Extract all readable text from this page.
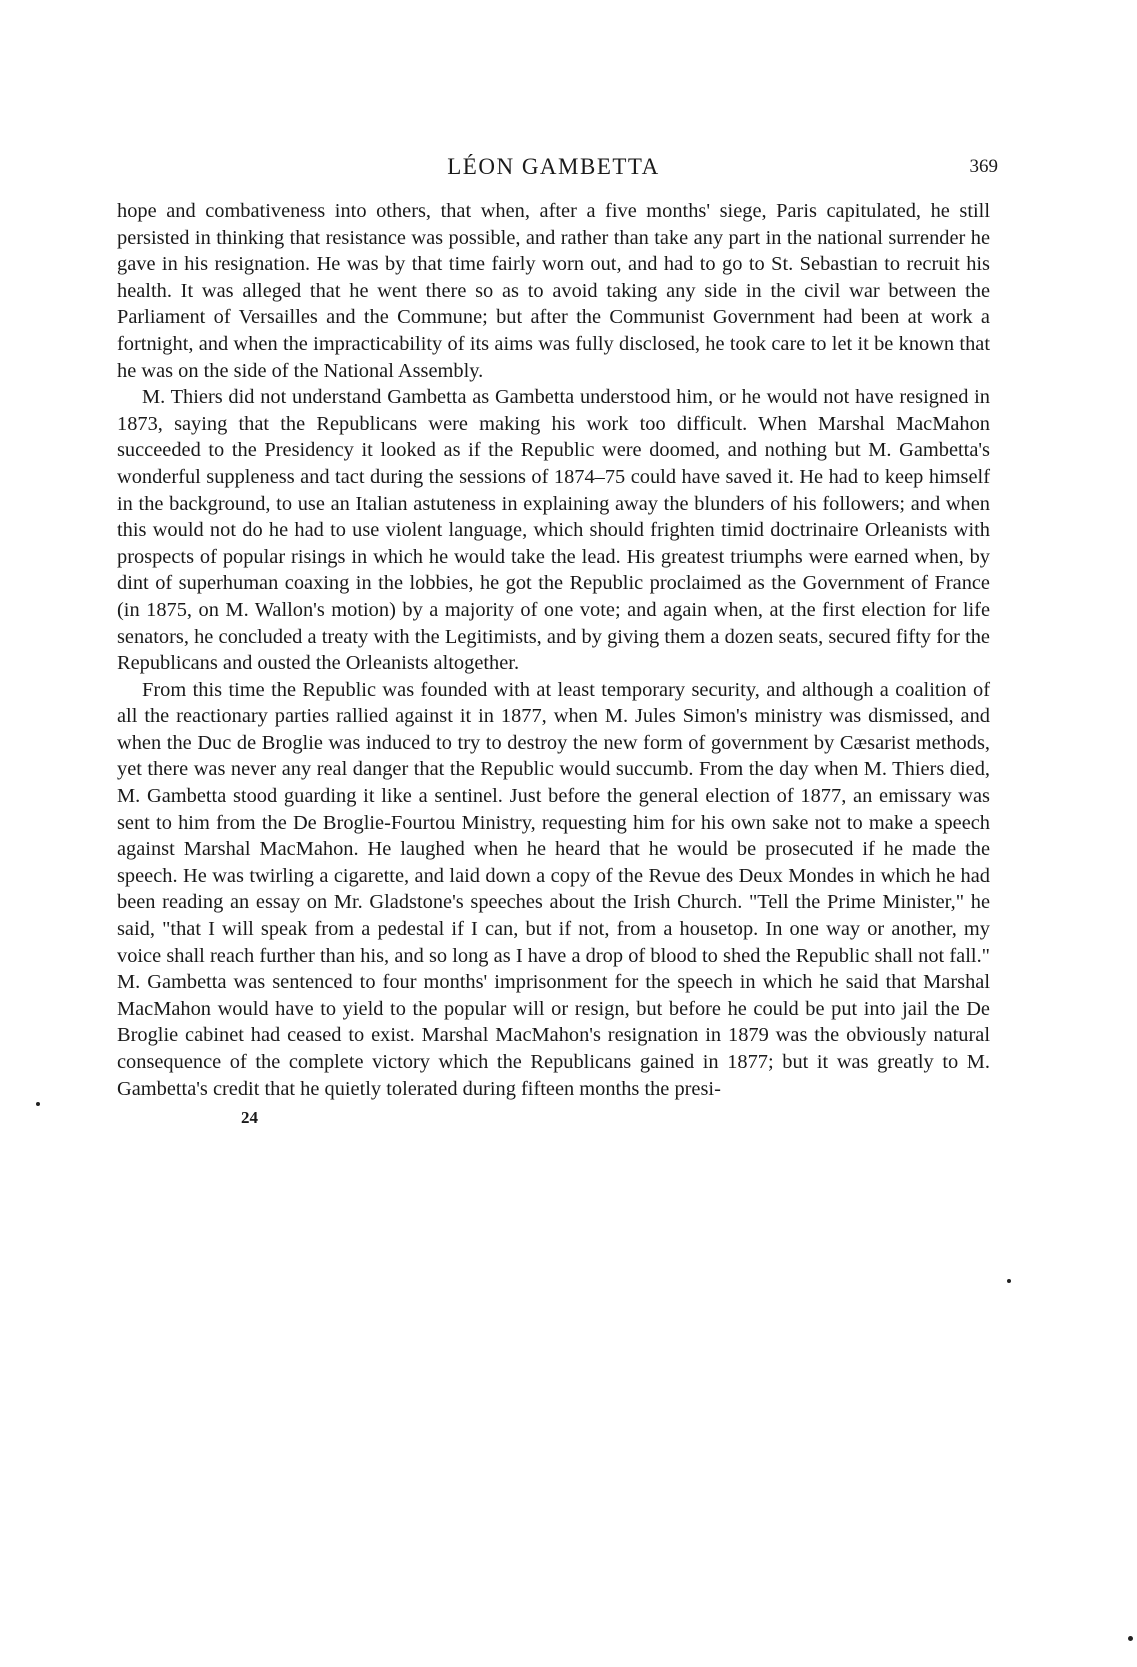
LÉON GAMBETTA	369

hope and combativeness into others, that when, after a five months' siege, Paris capitulated, he still persisted in thinking that resistance was possible, and rather than take any part in the national surrender he gave in his resignation. He was by that time fairly worn out, and had to go to St. Sebastian to recruit his health. It was alleged that he went there so as to avoid taking any side in the civil war between the Parliament of Versailles and the Commune; but after the Communist Government had been at work a fortnight, and when the impracticability of its aims was fully disclosed, he took care to let it be known that he was on the side of the National Assembly.

M. Thiers did not understand Gambetta as Gambetta understood him, or he would not have resigned in 1873, saying that the Republicans were making his work too difficult. When Marshal MacMahon succeeded to the Presidency it looked as if the Republic were doomed, and nothing but M. Gambetta's wonderful suppleness and tact during the sessions of 1874–75 could have saved it. He had to keep himself in the background, to use an Italian astuteness in explaining away the blunders of his followers; and when this would not do he had to use violent language, which should frighten timid doctrinaire Orleanists with prospects of popular risings in which he would take the lead. His greatest triumphs were earned when, by dint of superhuman coaxing in the lobbies, he got the Republic proclaimed as the Government of France (in 1875, on M. Wallon's motion) by a majority of one vote; and again when, at the first election for life senators, he concluded a treaty with the Legitimists, and by giving them a dozen seats, secured fifty for the Republicans and ousted the Orleanists altogether.

From this time the Republic was founded with at least temporary security, and although a coalition of all the reactionary parties rallied against it in 1877, when M. Jules Simon's ministry was dismissed, and when the Duc de Broglie was induced to try to destroy the new form of government by Cæsarist methods, yet there was never any real danger that the Republic would succumb. From the day when M. Thiers died, M. Gambetta stood guarding it like a sentinel. Just before the general election of 1877, an emissary was sent to him from the De Broglie-Fourtou Ministry, requesting him for his own sake not to make a speech against Marshal MacMahon. He laughed when he heard that he would be prosecuted if he made the speech. He was twirling a cigarette, and laid down a copy of the Revue des Deux Mondes in which he had been reading an essay on Mr. Gladstone's speeches about the Irish Church. "Tell the Prime Minister," he said, "that I will speak from a pedestal if I can, but if not, from a housetop. In one way or another, my voice shall reach further than his, and so long as I have a drop of blood to shed the Republic shall not fall." M. Gambetta was sentenced to four months' imprisonment for the speech in which he said that Marshal MacMahon would have to yield to the popular will or resign, but before he could be put into jail the De Broglie cabinet had ceased to exist. Marshal MacMahon's resignation in 1879 was the obviously natural consequence of the complete victory which the Republicans gained in 1877; but it was greatly to M. Gambetta's credit that he quietly tolerated during fifteen months the presi-

24
